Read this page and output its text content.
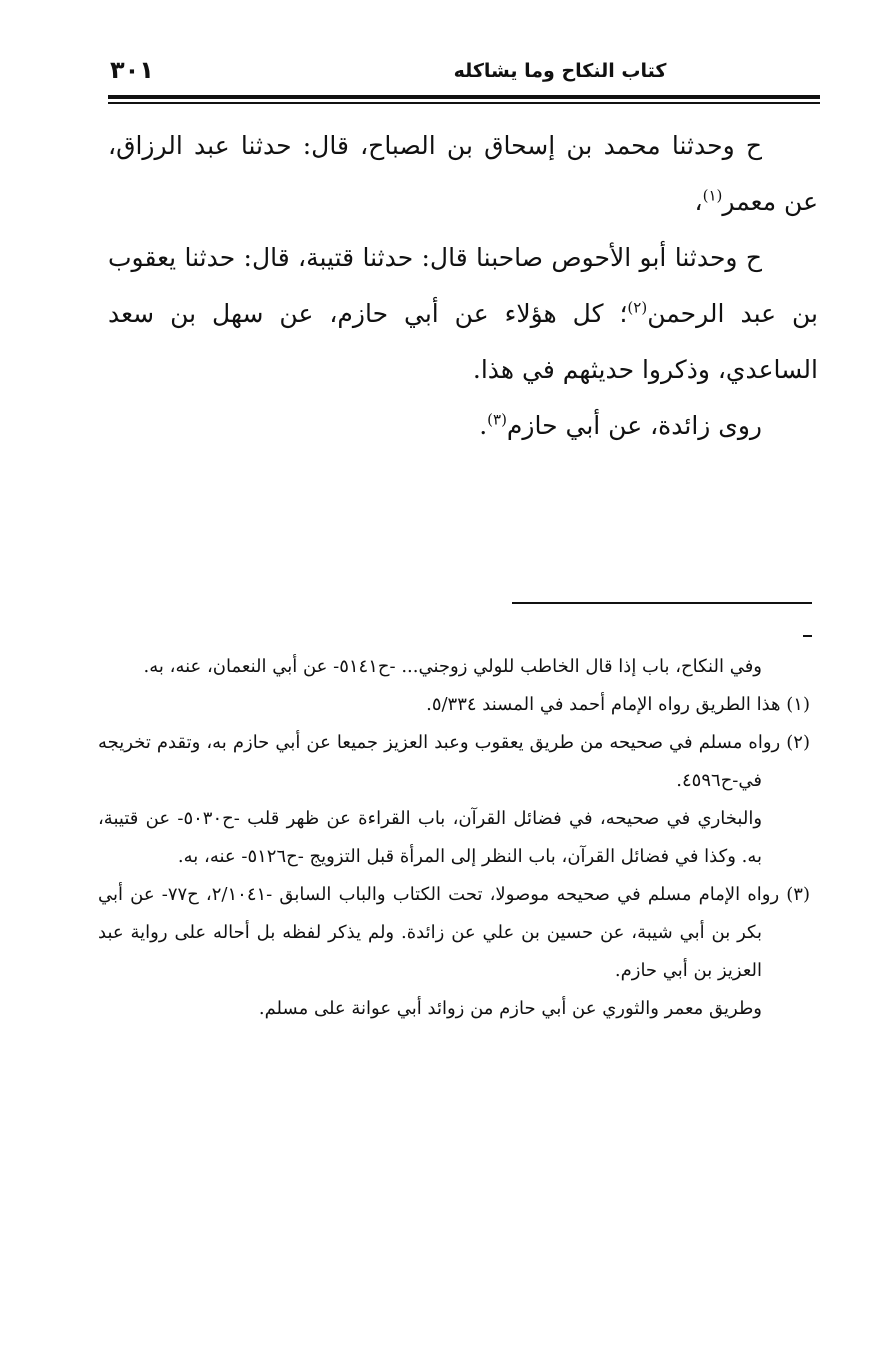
كتاب النكاح وما يشاكله
٣٠١

ح وحدثنا محمد بن إسحاق بن الصباح، قال: حدثنا عبد الرزاق، عن معمر$^{(١)}$،

ح وحدثنا أبو الأحوص صاحبنا قال: حدثنا قتيبة، قال: حدثنا يعقوب بن عبد الرحمن$^{(٢)}$؛ كل هؤلاء عن أبي حازم، عن سهل بن سعد الساعدي، وذكروا حديثهم في هذا.

روى زائدة، عن أبي حازم$^{(٣)}$.

وفي النكاح، باب إذا قال الخاطب للولي زوجني... -ح٥١٤١- عن أبي النعمان، عنه، به.

(١) هذا الطريق رواه الإمام أحمد في المسند ٥/٣٣٤.

(٢) رواه مسلم في صحيحه من طريق يعقوب وعبد العزيز جميعا عن أبي حازم به، وتقدم تخريجه في-ح٤٥٩٦.

والبخاري في صحيحه، في فضائل القرآن، باب القراءة عن ظهر قلب -ح٥٠٣٠- عن قتيبة، به. وكذا في فضائل القرآن، باب النظر إلى المرأة قبل التزويج -ح٥١٢٦- عنه، به.

(٣) رواه الإمام مسلم في صحيحه موصولا، تحت الكتاب والباب السابق -٢/١٠٤١، ح٧٧- عن أبي بكر بن أبي شيبة، عن حسين بن علي عن زائدة. ولم يذكر لفظه بل أحاله على رواية عبد العزيز بن أبي حازم.

وطريق معمر والثوري عن أبي حازم من زوائد أبي عوانة على مسلم.
